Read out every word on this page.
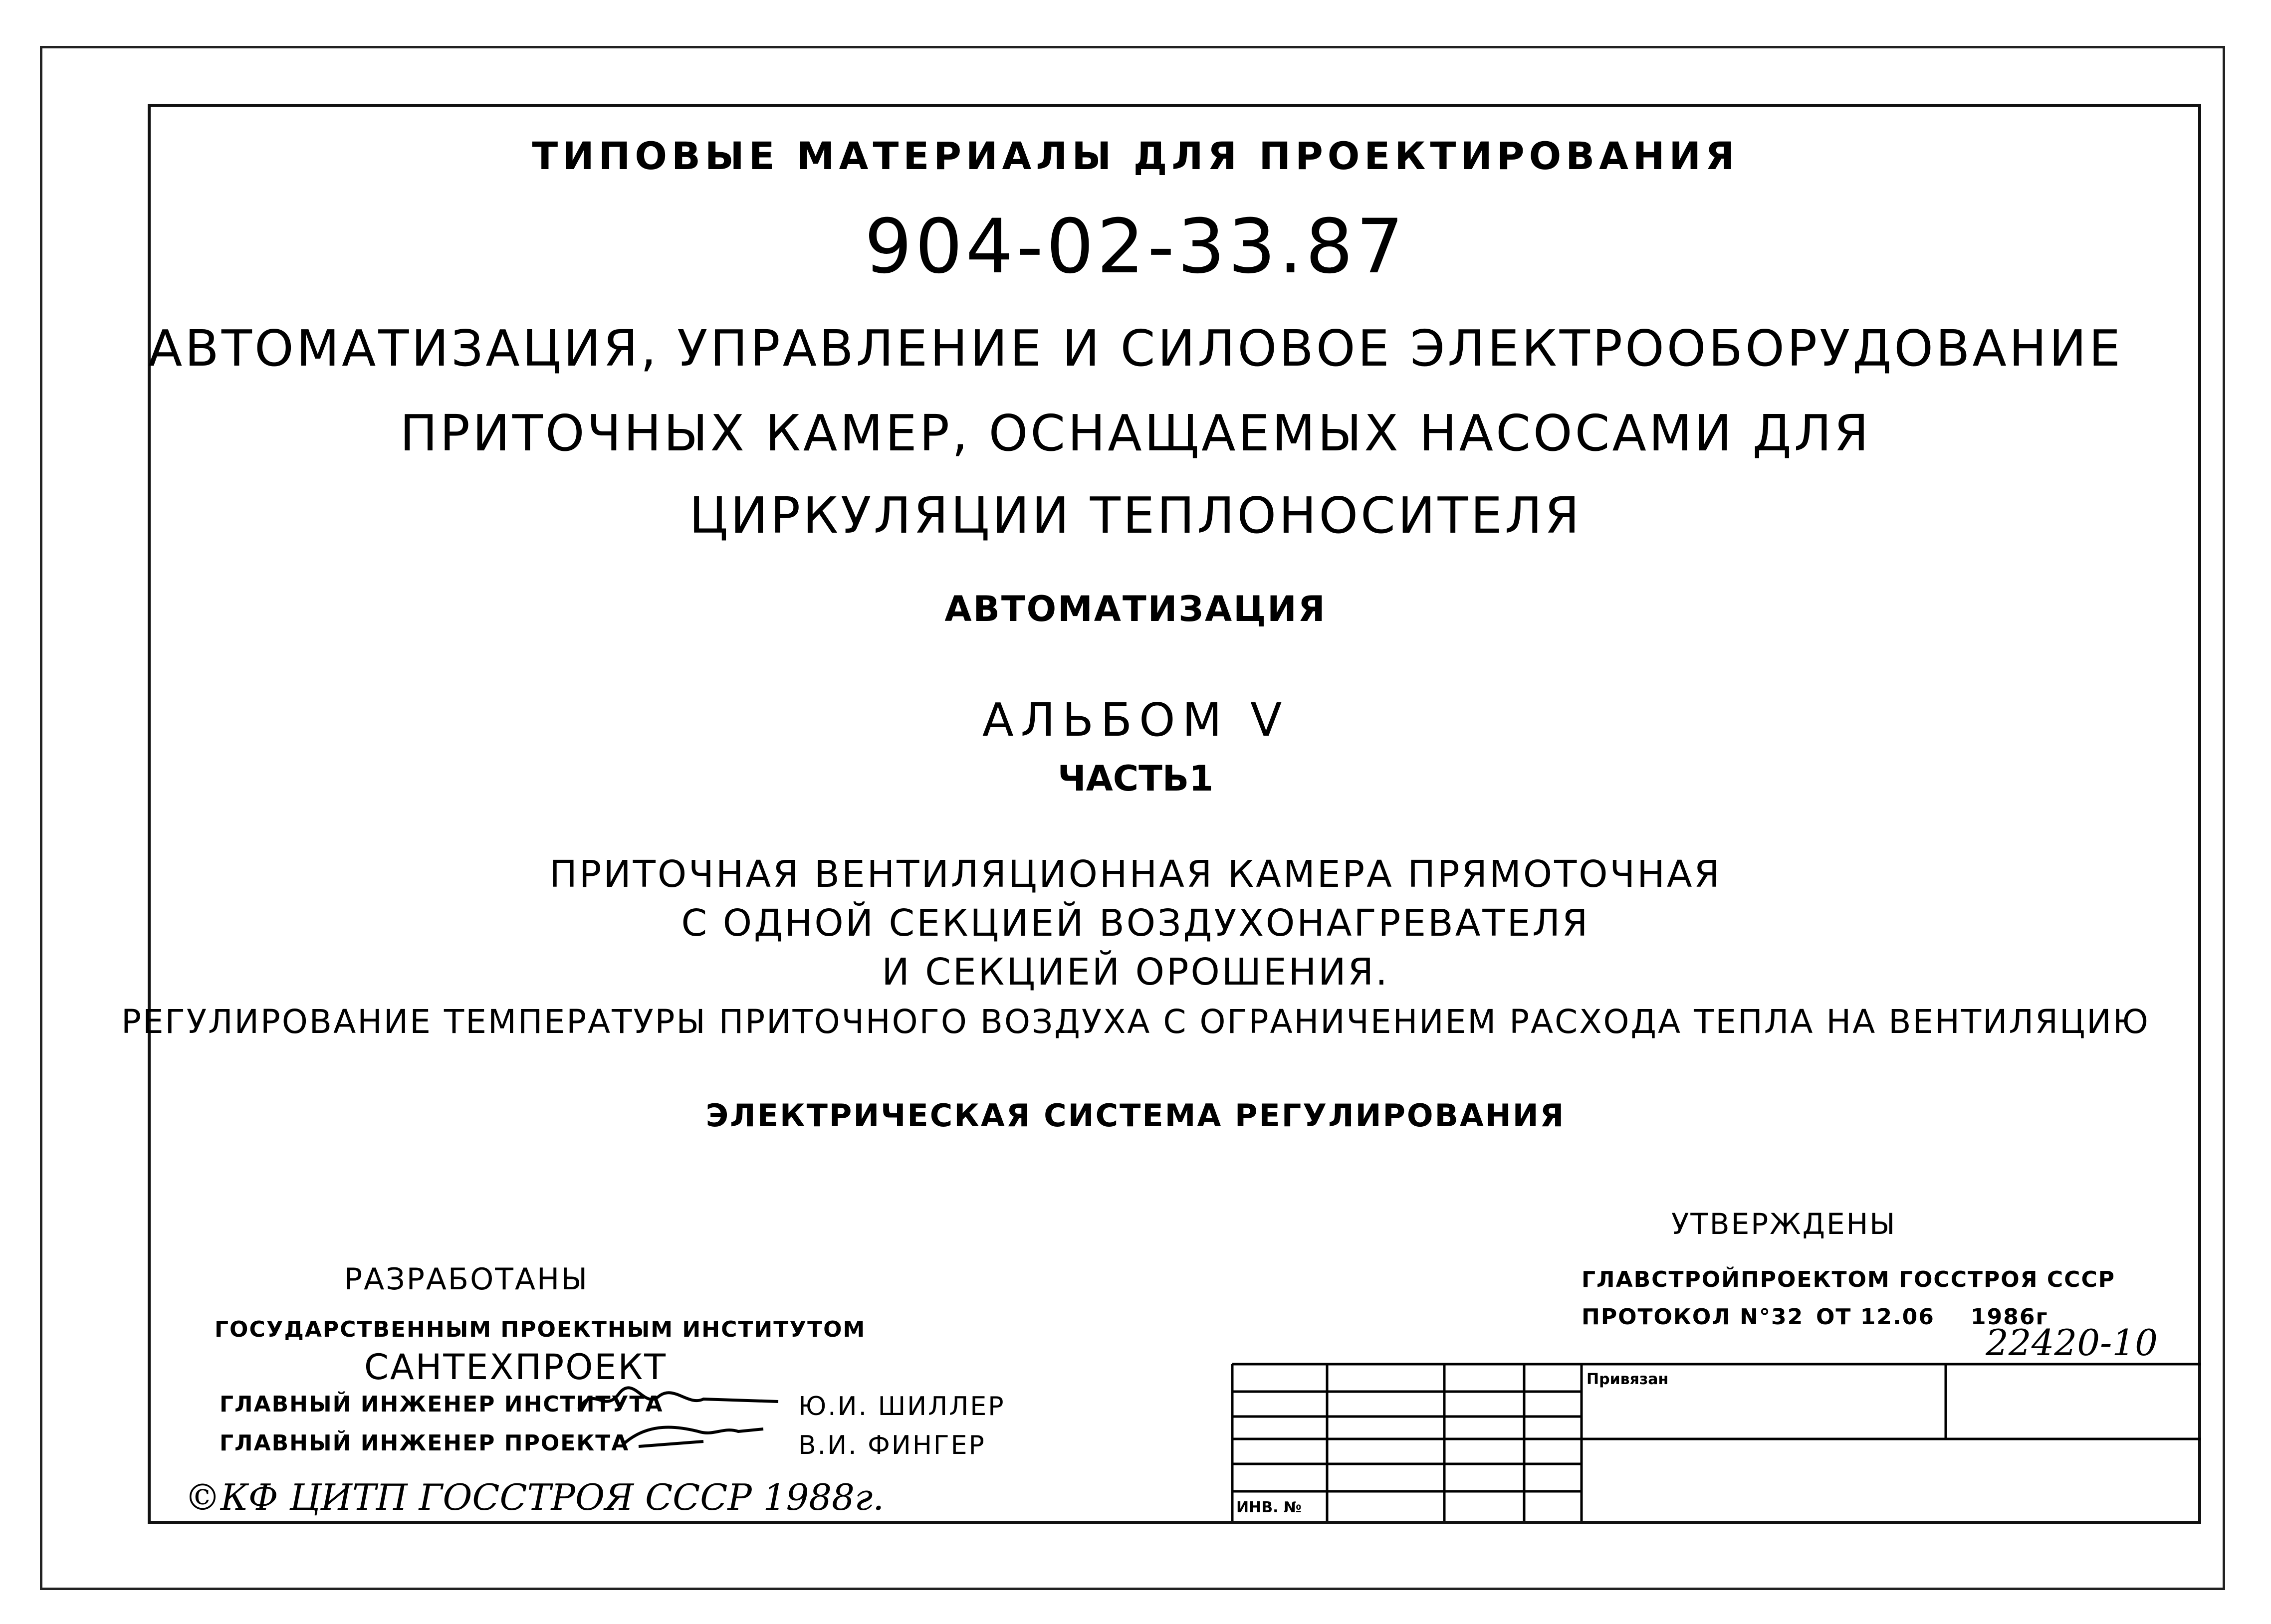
ТИПОВЫЕ МАТЕРИАЛЫ ДЛЯ ПРОЕКТИРОВАНИЯ
904-02-33.87
АВТОМАТИЗАЦИЯ, УПРАВЛЕНИЕ И СИЛОВОЕ ЭЛЕКТРООБОРУДОВАНИЕ
ПРИТОЧНЫХ КАМЕР, ОСНАЩАЕМЫХ НАСОСАМИ ДЛЯ
ЦИРКУЛЯЦИИ ТЕПЛОНОСИТЕЛЯ
АВТОМАТИЗАЦИЯ
АЛЬБОМ V
ЧАСТЬ1
ПРИТОЧНАЯ ВЕНТИЛЯЦИОННАЯ КАМЕРА ПРЯМОТОЧНАЯ
С ОДНОЙ СЕКЦИЕЙ ВОЗДУХОНАГРЕВАТЕЛЯ
И СЕКЦИЕЙ ОРОШЕНИЯ.
РЕГУЛИРОВАНИЕ ТЕМПЕРАТУРЫ ПРИТОЧНОГО ВОЗДУХА С ОГРАНИЧЕНИЕМ РАСХОДА ТЕПЛА НА ВЕНТИЛЯЦИЮ
ЭЛЕКТРИЧЕСКАЯ СИСТЕМА РЕГУЛИРОВАНИЯ
РАЗРАБОТАНЫ
ГОСУДАРСТВЕННЫМ ПРОЕКТНЫМ ИНСТИТУТОМ
САНТЕХПРОЕКТ
ГЛАВНЫЙ ИНЖЕНЕР ИНСТИТУТА	Ю.И. ШИЛЛЕР
ГЛАВНЫЙ ИНЖЕНЕР ПРОЕКТА	В.И. ФИНГЕР
©КФ ЦИТП ГОССТРОЯ СССР 1988г.
УТВЕРЖДЕНЫ
ГЛАВСТРОЙПРОЕКТОМ ГОССТРОЯ СССР
ПРОТОКОЛ N°32 ОТ 12.06 1986г
22420-10
Привязан
ИНВ. №
